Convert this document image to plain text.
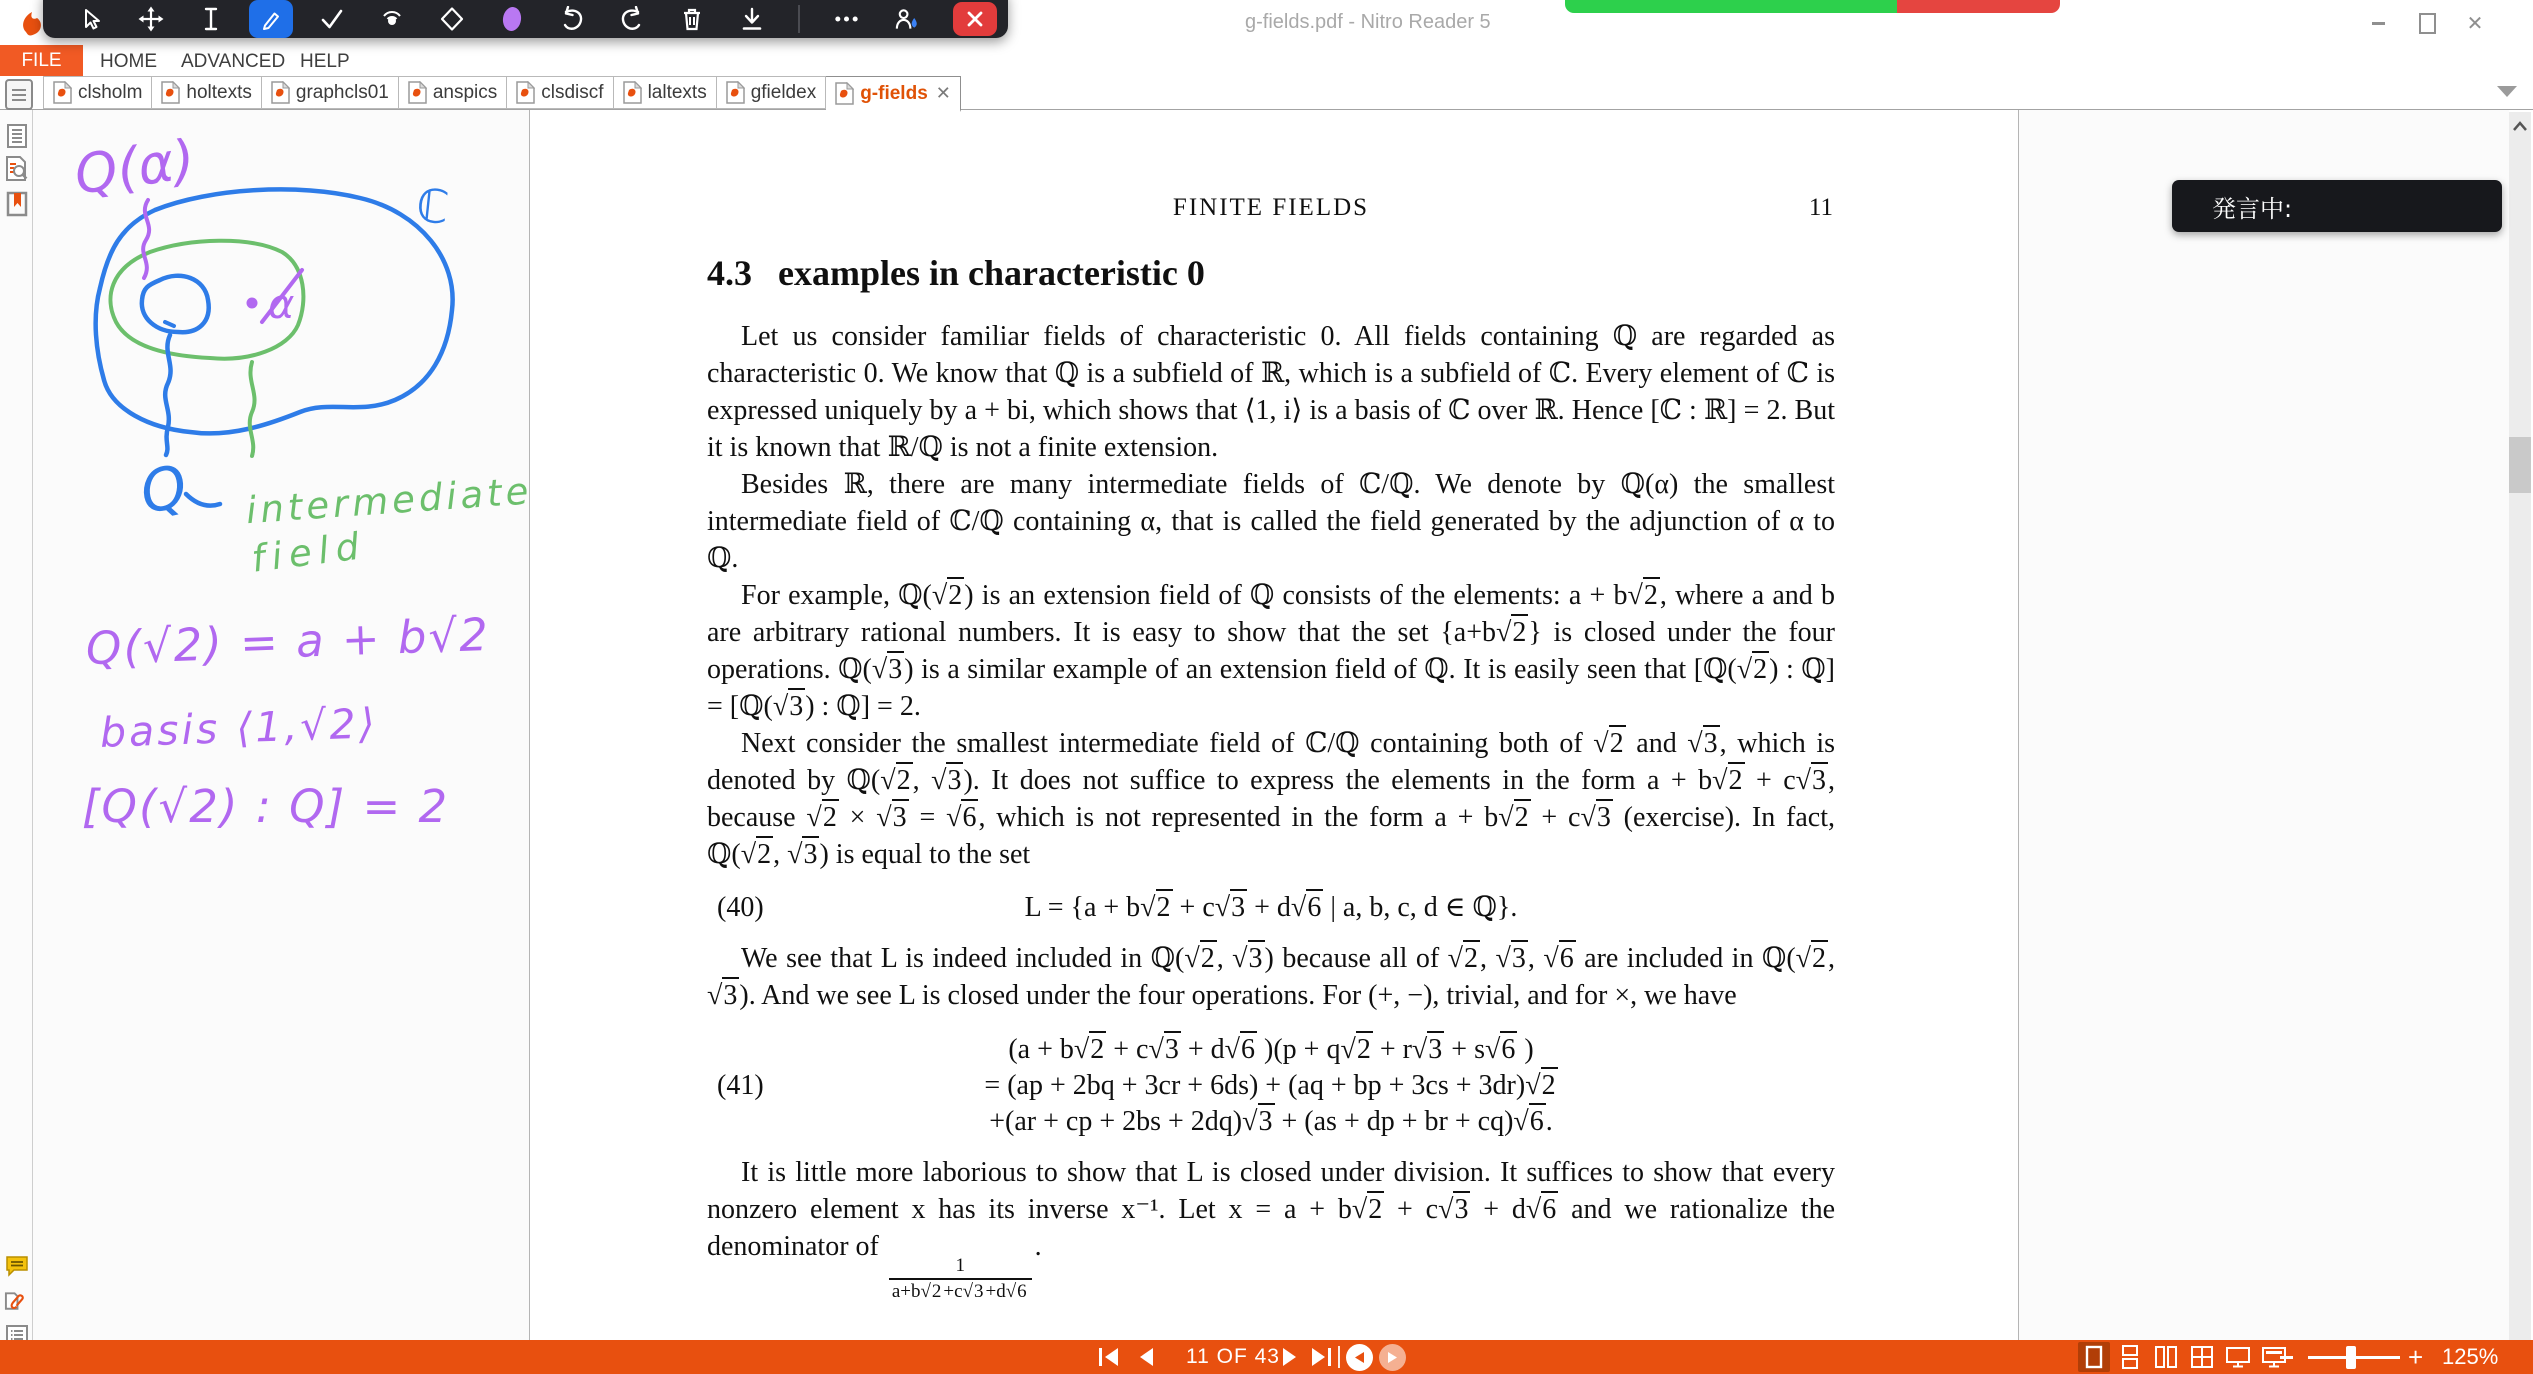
g-fields.pdf - Nitro Reader 5	✕
FILE	HOME ADVANCED HELP
clsholm holtexts graphcls01 anspics clsdiscf laltexts gfieldex g-fields ✕
FINITE FIELDS	11
4.3 examples in characteristic 0

Let us consider familiar fields of characteristic 0. All fields containing ℚ are regarded as characteristic 0. We know that ℚ is a subfield of ℝ, which is a subfield of ℂ. Every element of ℂ is expressed uniquely by a + bi, which shows that ⟨1, i⟩ is a basis of ℂ over ℝ. Hence [ℂ : ℝ] = 2. But it is known that ℝ/ℚ is not a finite extension.

Besides ℝ, there are many intermediate fields of ℂ/ℚ. We denote by ℚ(α) the smallest intermediate field of ℂ/ℚ containing α, that is called the field generated by the adjunction of α to ℚ.

For example, ℚ(√2) is an extension field of ℚ consists of the elements: a + b√2, where a and b are arbitrary rational numbers. It is easy to show that the set {a+b√2} is closed under the four operations. ℚ(√3) is a similar example of an extension field of ℚ. It is easily seen that [ℚ(√2) : ℚ] = [ℚ(√3) : ℚ] = 2.

Next consider the smallest intermediate field of ℂ/ℚ containing both of √2 and √3, which is denoted by ℚ(√2, √3). It does not suffice to express the elements in the form a + b√2 + c√3, because √2 × √3 = √6, which is not represented in the form a + b√2 + c√3 (exercise). In fact, ℚ(√2, √3) is equal to the set

(40)	L = {a + b√2 + c√3 + d√6 | a, b, c, d ∈ ℚ}.

We see that L is indeed included in ℚ(√2, √3) because all of √2, √3, √6 are included in ℚ(√2, √3). And we see L is closed under the four operations. For (+, −), trivial, and for ×, we have

(41)
(a + b√2 + c√3 + d√6 )(p + q√2 + r√3 + s√6 )
= (ap + 2bq + 3cr + 6ds) + (aq + bp + 3cs + 3dr)√2
+(ar + cp + 2bs + 2dq)√3 + (as + dp + br + cq)√6.

It is little more laborious to show that L is closed under division. It suffices to show that every nonzero element x has its inverse x⁻¹. Let x = a + b√2 + c√3 + d√6 and we rationalize the denominator of
$\frac{1}{a+b√2 +c√3 +d√6}$
.

Q(α)
α
ℂ
Q intermediate
field
Q(√2) = a + b√2
basis ⟨1,√2⟩
[Q(√2) : Q] = 2
発言中:
11 OF 43	+ 125%
